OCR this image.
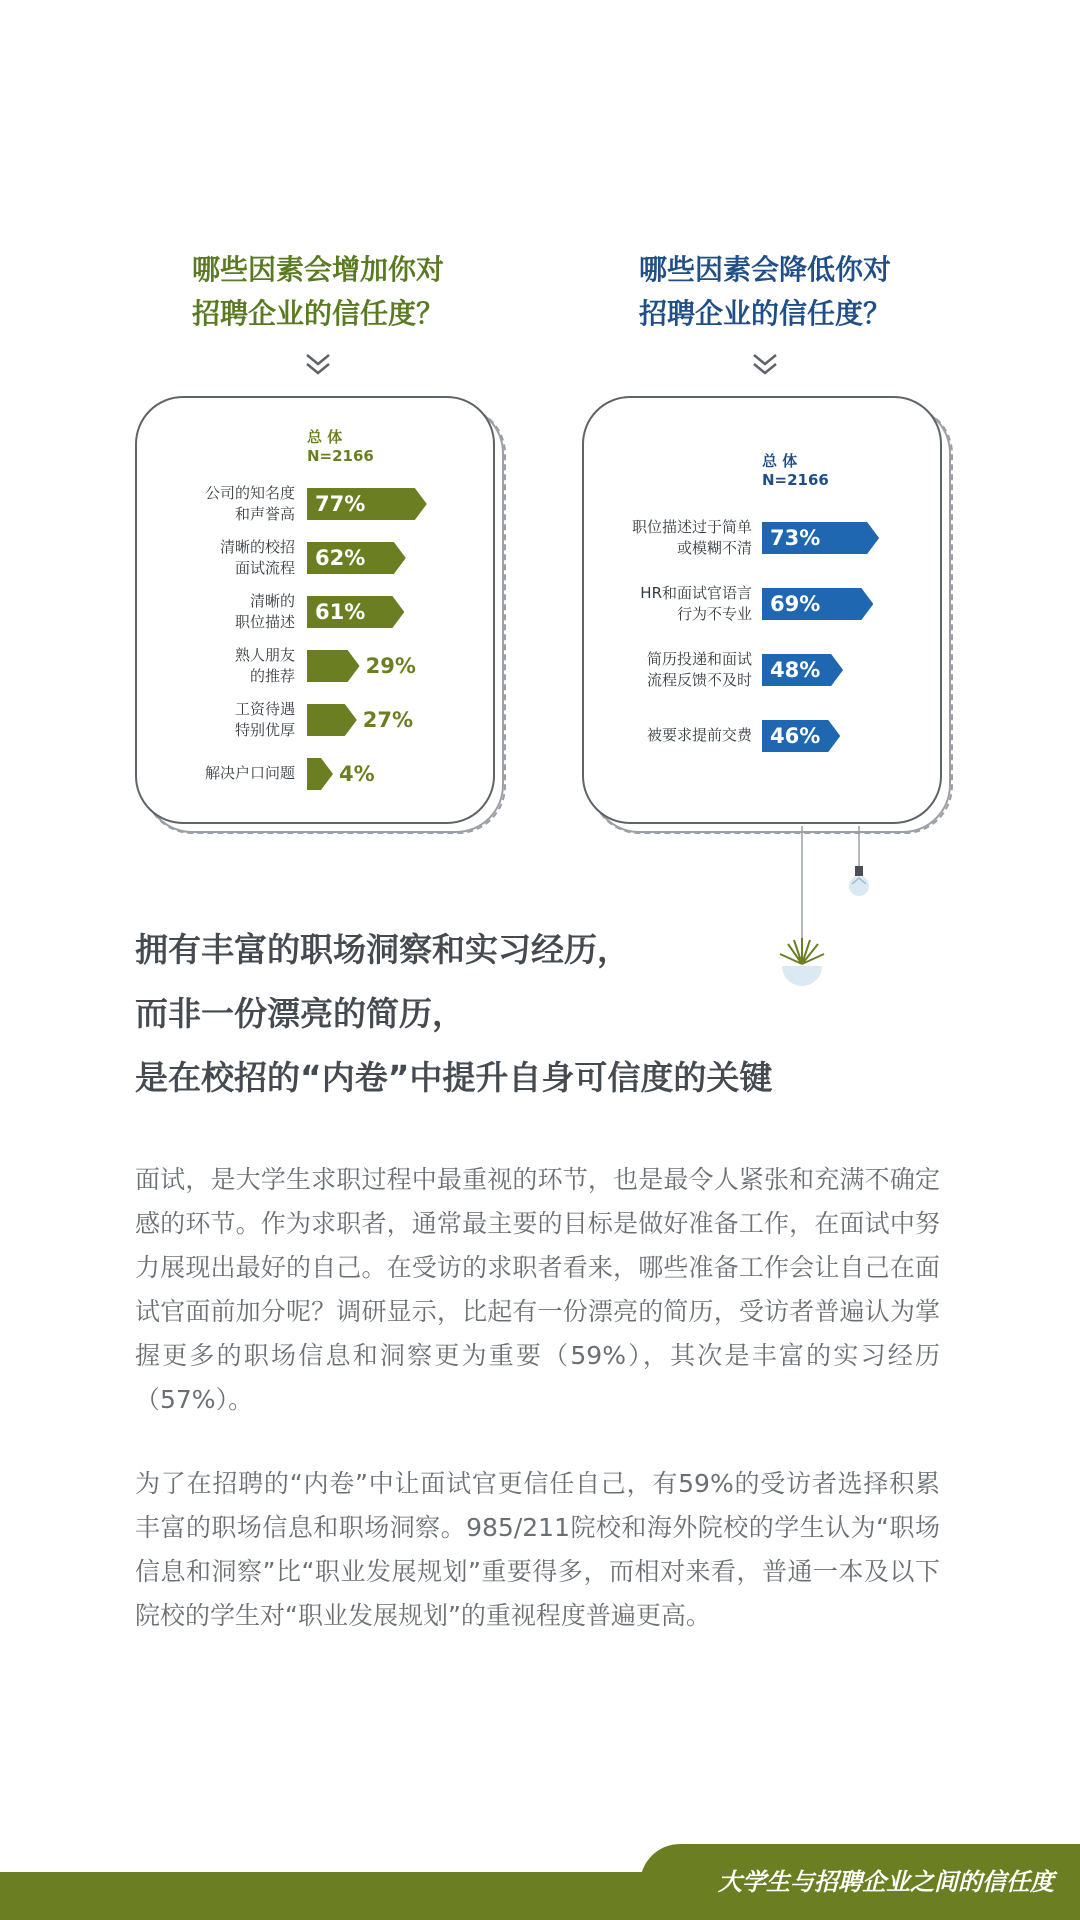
哪些因素会增加你对
招聘企业的信任度？
哪些因素会降低你对
招聘企业的信任度？
总 体
N=2166
公司的知名度
和声誉高 77%
清晰的校招
面试流程 62%
清晰的
职位描述 61%
熟人朋友
的推荐	29%
工资待遇
特别优厚	27%
解决户口问题 4%
总 体
N=2166
职位描述过于简单
或模糊不清 73%
HR和面试官语言
行为不专业 69%
简历投递和面试
流程反馈不及时 48%
被要求提前交费 46%
拥有丰富的职场洞察和实习经历，
而非一份漂亮的简历，
是在校招的“内卷”中提升自身可信度的关键
面试，是大学生求职过程中最重视的环节，也是最令人紧张和充满不确定感的环节。作为求职者，通常最主要的目标是做好准备工作，在面试中努力展现出最好的自己。在受访的求职者看来，哪些准备工作会让自己在面试官面前加分呢？调研显示，比起有一份漂亮的简历，受访者普遍认为掌握更多的职场信息和洞察更为重要（59%），其次是丰富的实习经历（57%）。
为了在招聘的“内卷”中让面试官更信任自己，有59%的受访者选择积累丰富的职场信息和职场洞察。985/211院校和海外院校的学生认为“职场信息和洞察”比“职业发展规划”重要得多，而相对来看，普通一本及以下院校的学生对“职业发展规划”的重视程度普遍更高。
大学生与招聘企业之间的信任度
